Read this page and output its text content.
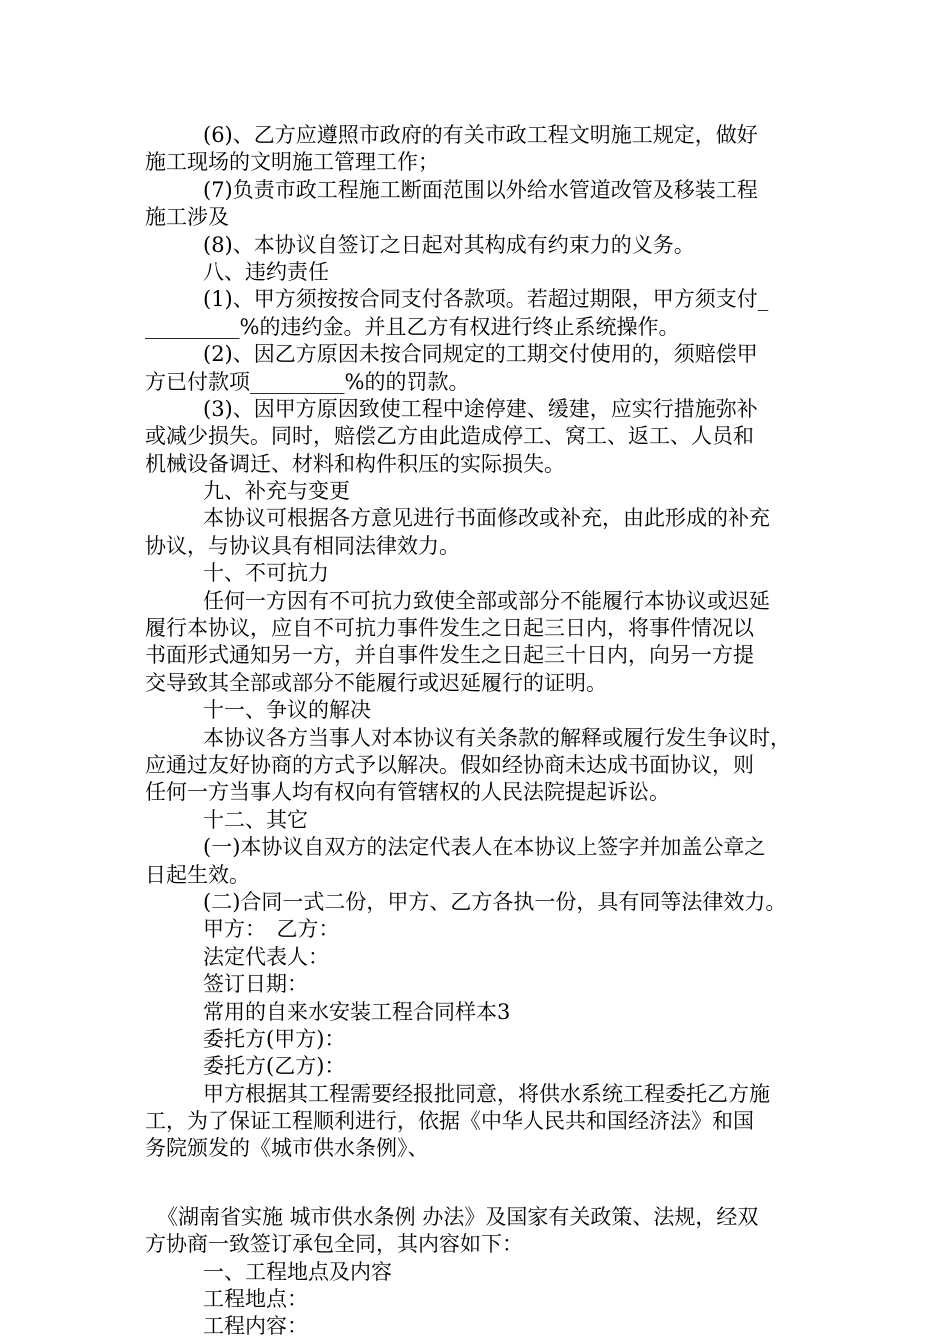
(6)、乙方应遵照市政府的有关市政工程文明施工规定，做好
施工现场的文明施工管理工作；
(7)负责市政工程施工断面范围以外给水管道改管及移装工程
施工涉及
(8)、本协议自签订之日起对其构成有约束力的义务。
八、违约责任
(1)、甲方须按按合同支付各款项。若超过期限，甲方须支付_
_________%的违约金。并且乙方有权进行终止系统操作。
(2)、因乙方原因未按合同规定的工期交付使用的，须赔偿甲
方已付款项_________%的的罚款。
(3)、因甲方原因致使工程中途停建、缓建，应实行措施弥补
或减少损失。同时，赔偿乙方由此造成停工、窝工、返工、人员和
机械设备调迁、材料和构件积压的实际损失。
九、补充与变更
本协议可根据各方意见进行书面修改或补充，由此形成的补充
协议，与协议具有相同法律效力。
十、不可抗力
任何一方因有不可抗力致使全部或部分不能履行本协议或迟延
履行本协议，应自不可抗力事件发生之日起三日内，将事件情况以
书面形式通知另一方，并自事件发生之日起三十日内，向另一方提
交导致其全部或部分不能履行或迟延履行的证明。
十一、争议的解决
本协议各方当事人对本协议有关条款的解释或履行发生争议时，
应通过友好协商的方式予以解决。假如经协商未达成书面协议，则
任何一方当事人均有权向有管辖权的人民法院提起诉讼。
十二、其它
(一)本协议自双方的法定代表人在本协议上签字并加盖公章之
日起生效。
(二)合同一式二份，甲方、乙方各执一份，具有同等法律效力。
甲方：　乙方：
法定代表人：
签订日期：
常用的自来水安装工程合同样本3
委托方(甲方)：
委托方(乙方)：
甲方根据其工程需要经报批同意，将供水系统工程委托乙方施
工，为了保证工程顺利进行，依据《中华人民共和国经济法》和国
务院颁发的《城市供水条例》、
《湖南省实施 城市供水条例 办法》及国家有关政策、法规，经双
方协商一致签订承包全同，其内容如下：
一、工程地点及内容
工程地点：
工程内容：
